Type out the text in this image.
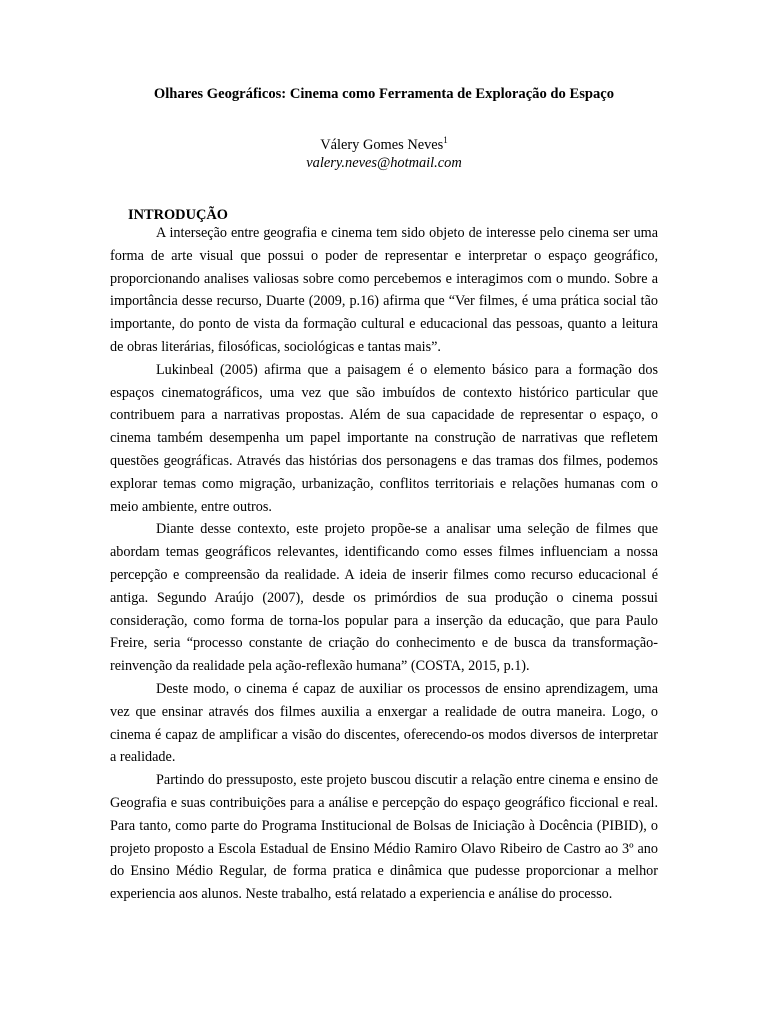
Olhares Geográficos: Cinema como Ferramenta de Exploração do Espaço
Válery Gomes Neves$^1$
valery.neves@hotmail.com
INTRODUÇÃO

A interseção entre geografia e cinema tem sido objeto de interesse pelo cinema ser uma forma de arte visual que possui o poder de representar e interpretar o espaço geográfico, proporcionando analises valiosas sobre como percebemos e interagimos com o mundo. Sobre a importância desse recurso, Duarte (2009, p.16) afirma que “Ver filmes, é uma prática social tão importante, do ponto de vista da formação cultural e educacional das pessoas, quanto a leitura de obras literárias, filosóficas, sociológicas e tantas mais”.

Lukinbeal (2005) afirma que a paisagem é o elemento básico para a formação dos espaços cinematográficos, uma vez que são imbuídos de contexto histórico particular que contribuem para a narrativas propostas. Além de sua capacidade de representar o espaço, o cinema também desempenha um papel importante na construção de narrativas que refletem questões geográficas. Através das histórias dos personagens e das tramas dos filmes, podemos explorar temas como migração, urbanização, conflitos territoriais e relações humanas com o meio ambiente, entre outros.

Diante desse contexto, este projeto propõe-se a analisar uma seleção de filmes que abordam temas geográficos relevantes, identificando como esses filmes influenciam a nossa percepção e compreensão da realidade. A ideia de inserir filmes como recurso educacional é antiga. Segundo Araújo (2007), desde os primórdios de sua produção o cinema possui consideração, como forma de torna-los popular para a inserção da educação, que para Paulo Freire, seria “processo constante de criação do conhecimento e de busca da transformação-reinvenção da realidade pela ação-reflexão humana” (COSTA, 2015, p.1).

Deste modo, o cinema é capaz de auxiliar os processos de ensino aprendizagem, uma vez que ensinar através dos filmes auxilia a enxergar a realidade de outra maneira. Logo, o cinema é capaz de amplificar a visão do discentes, oferecendo-os modos diversos de interpretar a realidade.

Partindo do pressuposto, este projeto buscou discutir a relação entre cinema e ensino de Geografia e suas contribuições para a análise e percepção do espaço geográfico ficcional e real. Para tanto, como parte do Programa Institucional de Bolsas de Iniciação à Docência (PIBID), o projeto proposto a Escola Estadual de Ensino Médio Ramiro Olavo Ribeiro de Castro ao 3º ano do Ensino Médio Regular, de forma pratica e dinâmica que pudesse proporcionar a melhor experiencia aos alunos. Neste trabalho, está relatado a experiencia e análise do processo.
